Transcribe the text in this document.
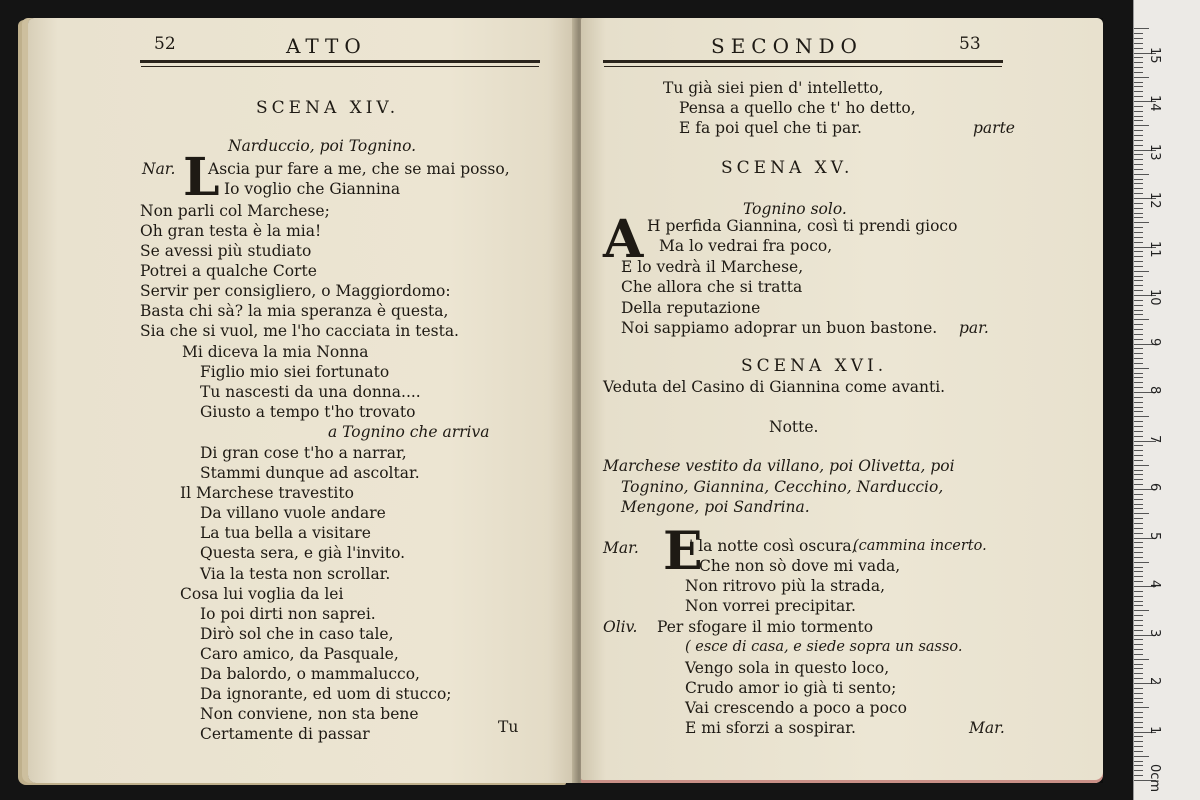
52	ATTO
SCENA XIV.
Narduccio, poi Tognino.
Nar. L
Ascia pur fare a me, che se mai posso,
Io voglio che Giannina
Non parli col Marchese;
Oh gran testa è la mia!
Se avessi più studiato
Potrei a qualche Corte
Servir per consigliero, o Maggiordomo:
Basta chi sà? la mia speranza è questa,
Sia che si vuol, me l'ho cacciata in testa.
Mi diceva la mia Nonna
Figlio mio siei fortunato
Tu nascesti da una donna....
Giusto a tempo t'ho trovato
a Tognino che arriva
Di gran cose t'ho a narrar,
Stammi dunque ad ascoltar.
Il Marchese travestito
Da villano vuole andare
La tua bella a visitare
Questa sera, e già l'invito.
Via la testa non scrollar.
Cosa lui voglia da lei
Io poi dirti non saprei.
Dirò sol che in caso tale,
Caro amico, da Pasquale,
Da balordo, o mammalucco,
Da ignorante, ed uom di stucco;
Non conviene, non sta bene
Certamente di passar	Tu
SECONDO	53
Tu già siei pien d' intelletto,
Pensa a quello che t' ho detto,
E fa poi quel che ti par.	parte
SCENA XV.
Tognino solo.
A H perfida Giannina, così ti prendi gioco
Ma lo vedrai fra poco,
E lo vedrà il Marchese,
Che allora che si tratta
Della reputazione
Noi sappiamo adoprar un buon bastone. par.
SCENA XVI.
Veduta del Casino di Giannina come avanti.
Notte.
Marchese vestito da villano, poi Olivetta, poi
Tognino, Giannina, Cecchino, Narduccio,
Mengone, poi Sandrina.
Mar. E
' la notte così oscura,
(cammina incerto.
Che non sò dove mi vada,
Non ritrovo più la strada,
Non vorrei precipitar.
Oliv. Per sfogare il mio tormento
( esce di casa, e siede sopra un sasso.
Vengo sola in questo loco,
Crudo amor io già ti sento;
Vai crescendo a poco a poco
E mi sforzi a sospirar.	Mar.
0cm
1
2
3
4
5
6
7
8
9
10
11
12
13
14
15
